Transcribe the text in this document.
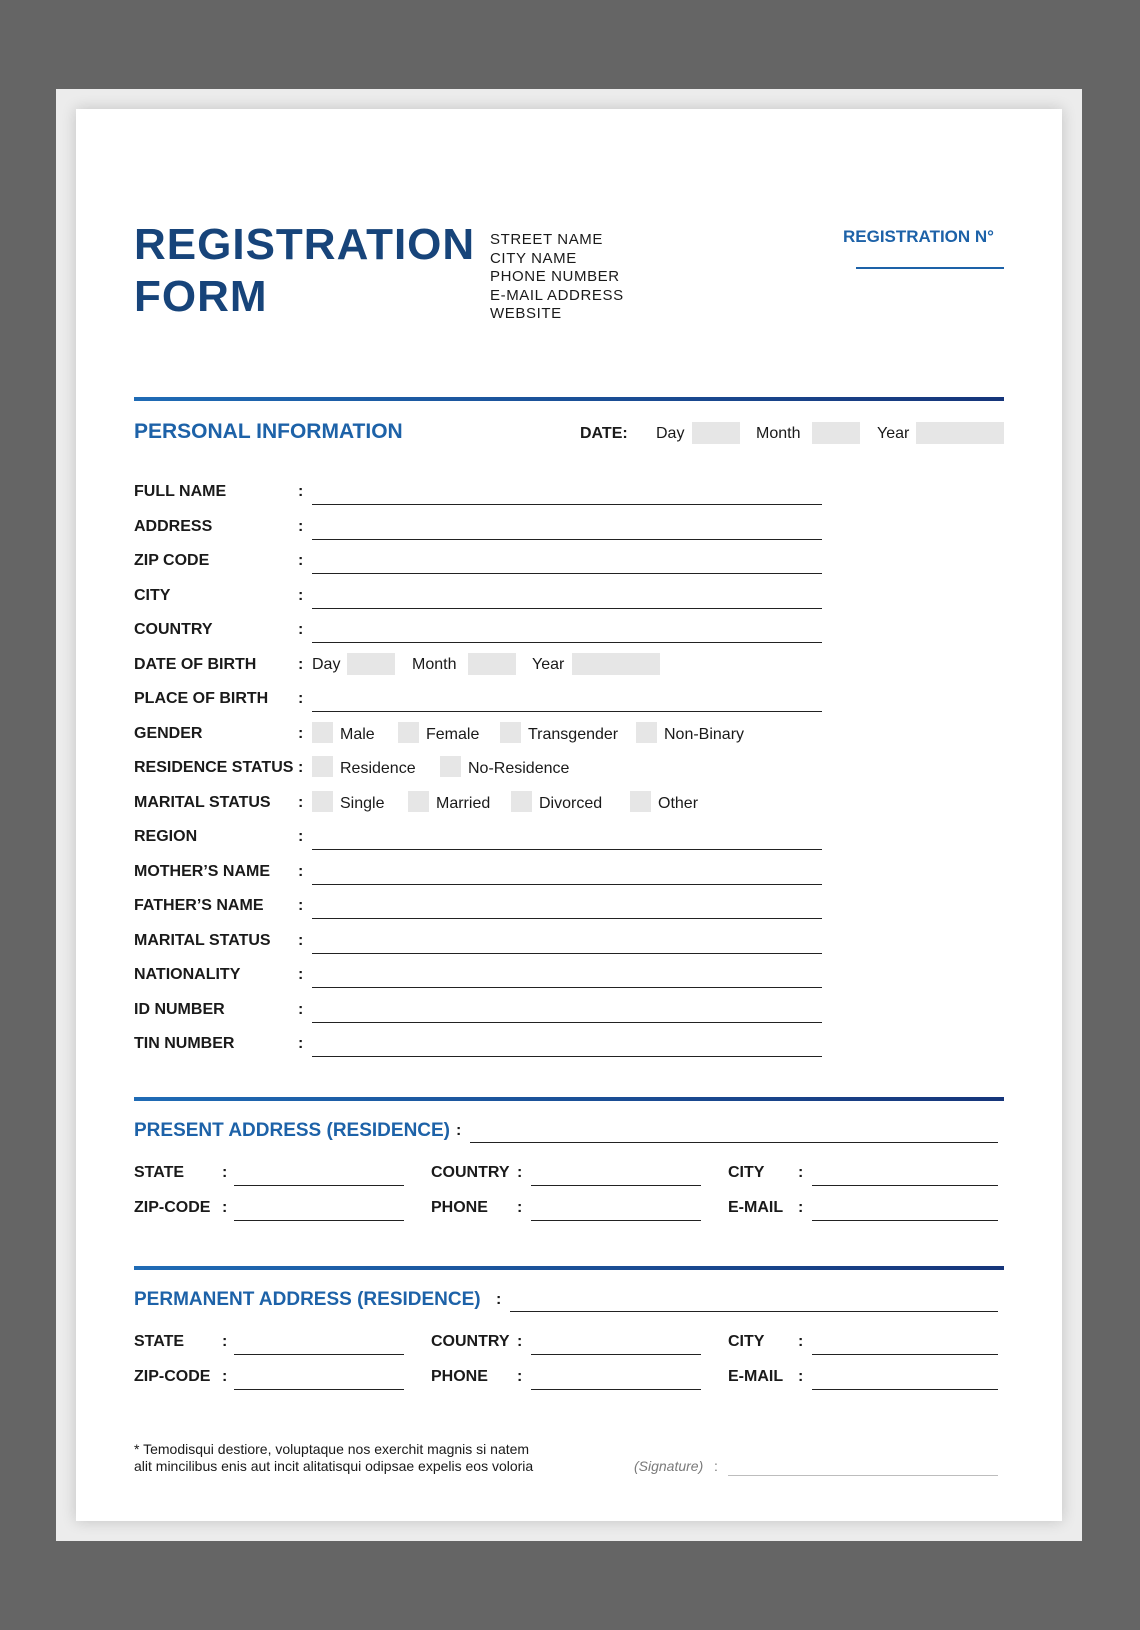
REGISTRATION
FORM
STREET NAME
CITY NAME
PHONE NUMBER
E-MAIL ADDRESS
WEBSITE
REGISTRATION N°
PERSONAL INFORMATION	DATE: Day	Month	Year
FULL NAME	:
ADDRESS	:
ZIP CODE	:
CITY	:
COUNTRY	:
DATE OF BIRTH	: Day	Month	Year
PLACE OF BIRTH :
GENDER	: Male	Female	Transgender	Non-Binary
RESIDENCE STATUS : Residence	No-Residence
MARITAL STATUS : Single	Married	Divorced	Other
REGION	:
MOTHER’S NAME :
FATHER’S NAME :
MARITAL STATUS :
NATIONALITY	:
ID NUMBER	:
TIN NUMBER	:
PRESENT ADDRESS (RESIDENCE) :
STATE :	COUNTRY :	CITY :
ZIP-CODE :	PHONE :	E-MAIL :
PERMANENT ADDRESS (RESIDENCE) :
STATE :	COUNTRY :	CITY :
ZIP-CODE :	PHONE :	E-MAIL :
* Temodisqui destiore, voluptaque nos exerchit magnis si natem
alit mincilibus enis aut incit alitatisqui odipsae expelis eos voloria	(Signature) :
